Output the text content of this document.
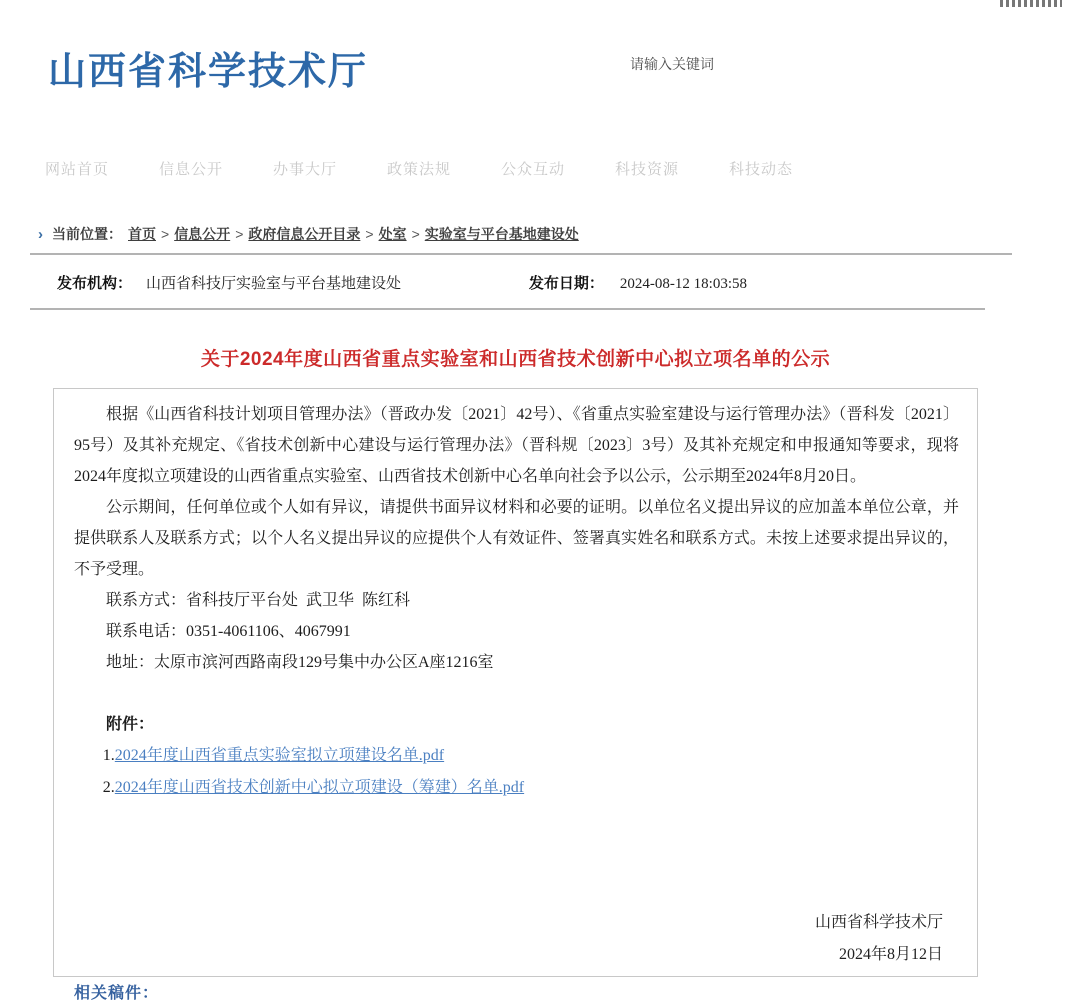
山西省科学技术厅
请输入关键词
网站首页	信息公开	办事大厅	政策法规	公众互动	科技资源	科技动态
› 当前位置： 首页 > 信息公开 > 政府信息公开目录 > 处室 > 实验室与平台基地建设处
发布机构： 山西省科技厅实验室与平台基地建设处	发布日期： 2024-08-12 18:03:58
关于2024年度山西省重点实验室和山西省技术创新中心拟立项名单的公示

根据《山西省科技计划项目管理办法》（晋政办发〔2021〕42号）、《省重点实验室建设与运行管理办法》（晋科发〔2021〕95号）及其补充规定、《省技术创新中心建设与运行管理办法》（晋科规〔2023〕3号）及其补充规定和申报通知等要求，现将2024年度拟立项建设的山西省重点实验室、山西省技术创新中心名单向社会予以公示，公示期至2024年8月20日。

公示期间，任何单位或个人如有异议，请提供书面异议材料和必要的证明。以单位名义提出异议的应加盖本单位公章，并提供联系人及联系方式；以个人名义提出异议的应提供个人有效证件、签署真实姓名和联系方式。未按上述要求提出异议的，不予受理。

联系方式：省科技厅平台处  武卫华  陈红科

联系电话：0351-4061106、4067991

地址：太原市滨河西路南段129号集中办公区A座1216室

附件：

1.2024年度山西省重点实验室拟立项建设名单.pdf

2.2024年度山西省技术创新中心拟立项建设（筹建）名单.pdf

山西省科学技术厅
2024年8月12日
相关稿件：
